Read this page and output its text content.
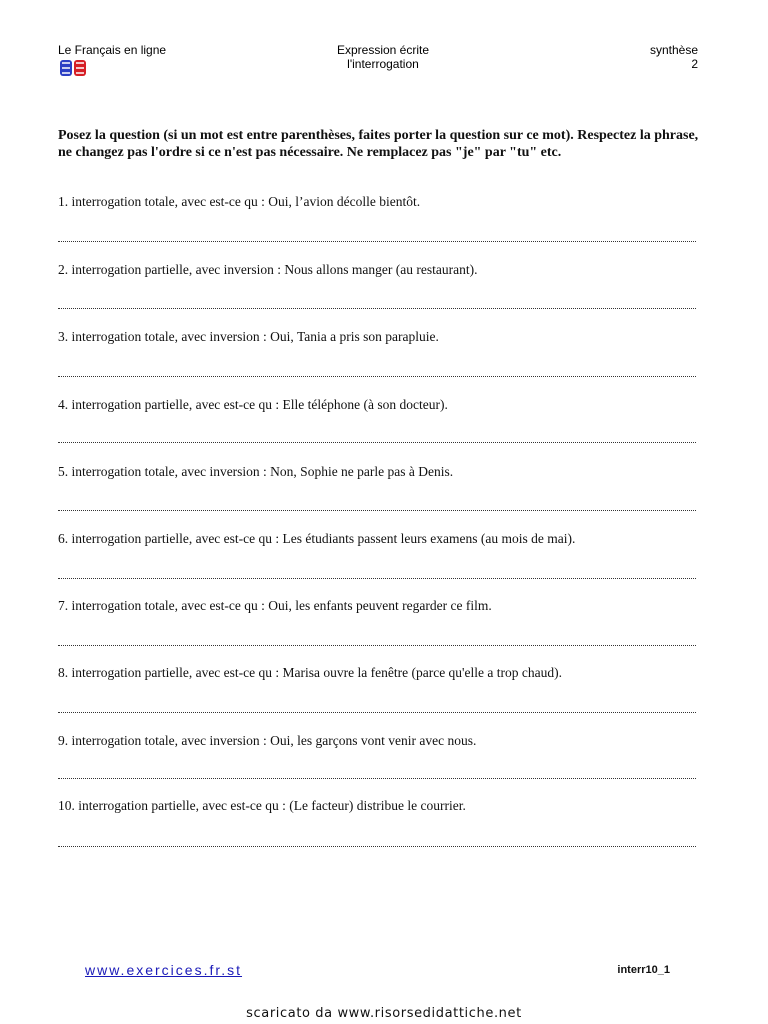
Le Français en ligne	Expression écrite
l'interrogation
synthèse
2
Posez la question (si un mot est entre parenthèses, faites porter la question sur ce mot). Respectez la phrase, ne changez pas l'ordre si ce n'est pas nécessaire. Ne remplacez pas "je" par "tu" etc.
1. interrogation totale, avec est-ce qu : Oui, l’avion décolle bientôt.
2. interrogation partielle, avec inversion : Nous allons manger (au restaurant).
3. interrogation totale, avec inversion : Oui, Tania a pris son parapluie.
4. interrogation partielle, avec est-ce qu : Elle téléphone (à son docteur).
5. interrogation totale, avec inversion : Non, Sophie ne parle pas à Denis.
6. interrogation partielle, avec est-ce qu : Les étudiants passent leurs examens (au mois de mai).
7. interrogation totale, avec est-ce qu : Oui, les enfants peuvent regarder ce film.
8. interrogation partielle, avec est-ce qu : Marisa ouvre la fenêtre (parce qu'elle a trop chaud).
9. interrogation totale, avec inversion : Oui, les garçons vont venir avec nous.
10. interrogation partielle, avec est-ce qu : (Le facteur) distribue le courrier.
www.exercices.fr.st	interr10_1
scaricato da www.risorsedidattiche.net
